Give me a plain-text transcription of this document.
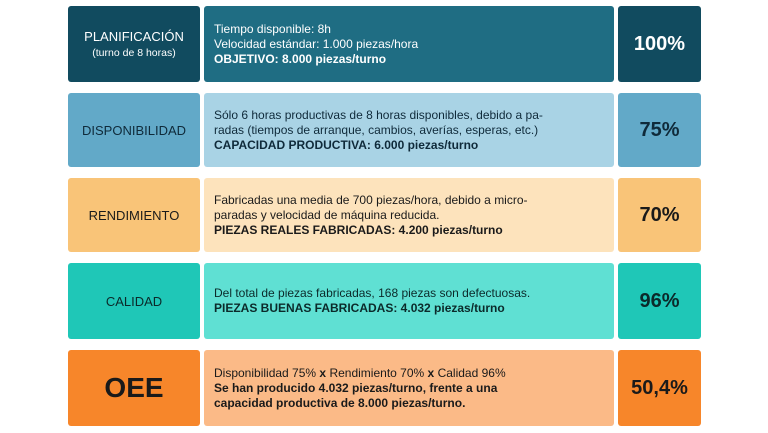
PLANIFICACIÓN
(turno de 8 horas)
Tiempo disponible: 8h
Velocidad estándar: 1.000 piezas/hora
OBJETIVO: 8.000 piezas/turno
100%
DISPONIBILIDAD
Sólo 6 horas productivas de 8 horas disponibles, debido a pa-
radas (tiempos de arranque, cambios, averías, esperas, etc.)
CAPACIDAD PRODUCTIVA: 6.000 piezas/turno
75%
RENDIMIENTO
Fabricadas una media de 700 piezas/hora, debido a micro-
paradas y velocidad de máquina reducida.
PIEZAS REALES FABRICADAS: 4.200 piezas/turno
70%
CALIDAD
Del total de piezas fabricadas, 168 piezas son defectuosas.
PIEZAS BUENAS FABRICADAS: 4.032 piezas/turno	96%
OEE	Disponibilidad 75% x Rendimiento 70% x Calidad 96%
Se han producido 4.032 piezas/turno, frente a una
capacidad productiva de 8.000 piezas/turno.
50,4%
